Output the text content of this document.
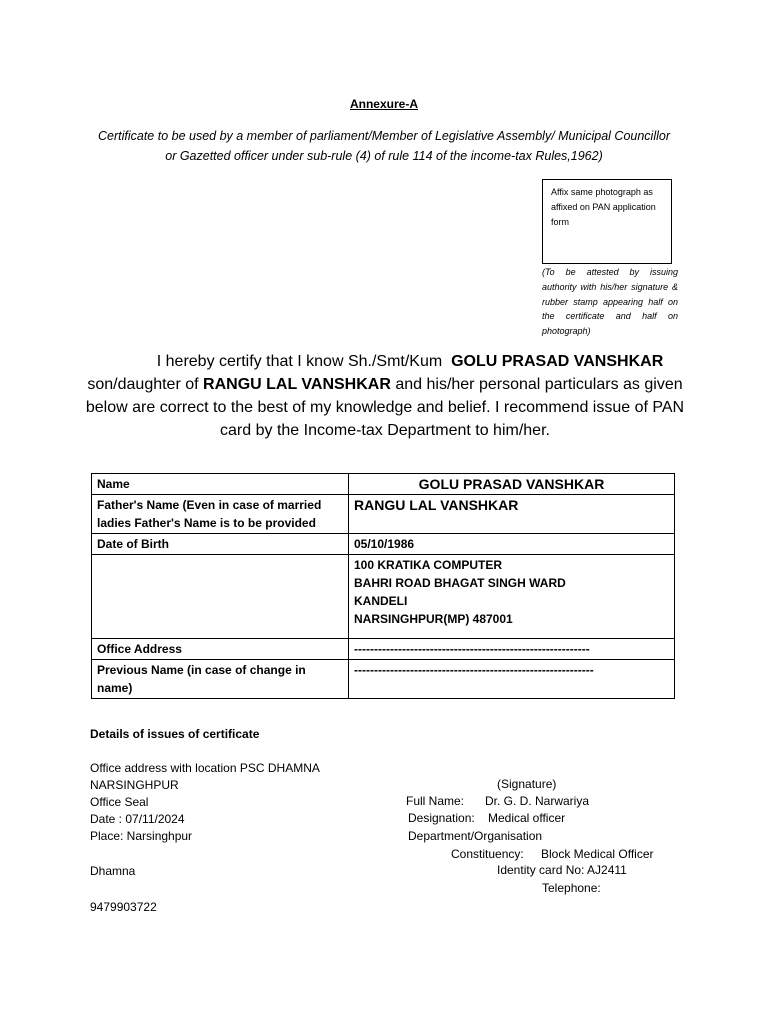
Annexure-A
Certificate to be used by a member of parliament/Member of Legislative Assembly/ Municipal Councillor
or Gazetted officer under sub-rule (4) of rule 114 of the income-tax Rules,1962)
Affix same photograph as affixed on PAN application form
(To be attested by issuing authority with his/her signature & rubber stamp appearing half on the certificate and half on photograph)
I hereby certify that I know Sh./Smt/Kum GOLU PRASAD VANSHKAR
son/daughter of RANGU LAL VANSHKAR and his/her personal particulars as given below are correct to the best of my knowledge and belief. I recommend issue of PAN card by the Income-tax Department to him/her.
Name	GOLU PRASAD VANSHKAR
Father's Name (Even in case of married ladies Father's Name is to be provided	RANGU LAL VANSHKAR
Date of Birth	05/10/1986

	100 KRATIKA COMPUTER
BAHRI ROAD BHAGAT SINGH WARD
KANDELI
NARSINGHPUR(MP) 487001

Office Address	-----------------------------------------------------------
Previous Name (in case of change in name)	------------------------------------------------------------
Details of issues of certificate
Office address with location PSC DHAMNA
NARSINGHPUR
Office Seal
Date : 07/11/2024
Place: Narsinghpur
Dhamna
9479903722
(Signature)
Full Name: Dr. G. D. Narwariya
Designation: Medical officer
Department/Organisation
Constituency: Block Medical Officer
Identity card No: AJ2411
Telephone:
